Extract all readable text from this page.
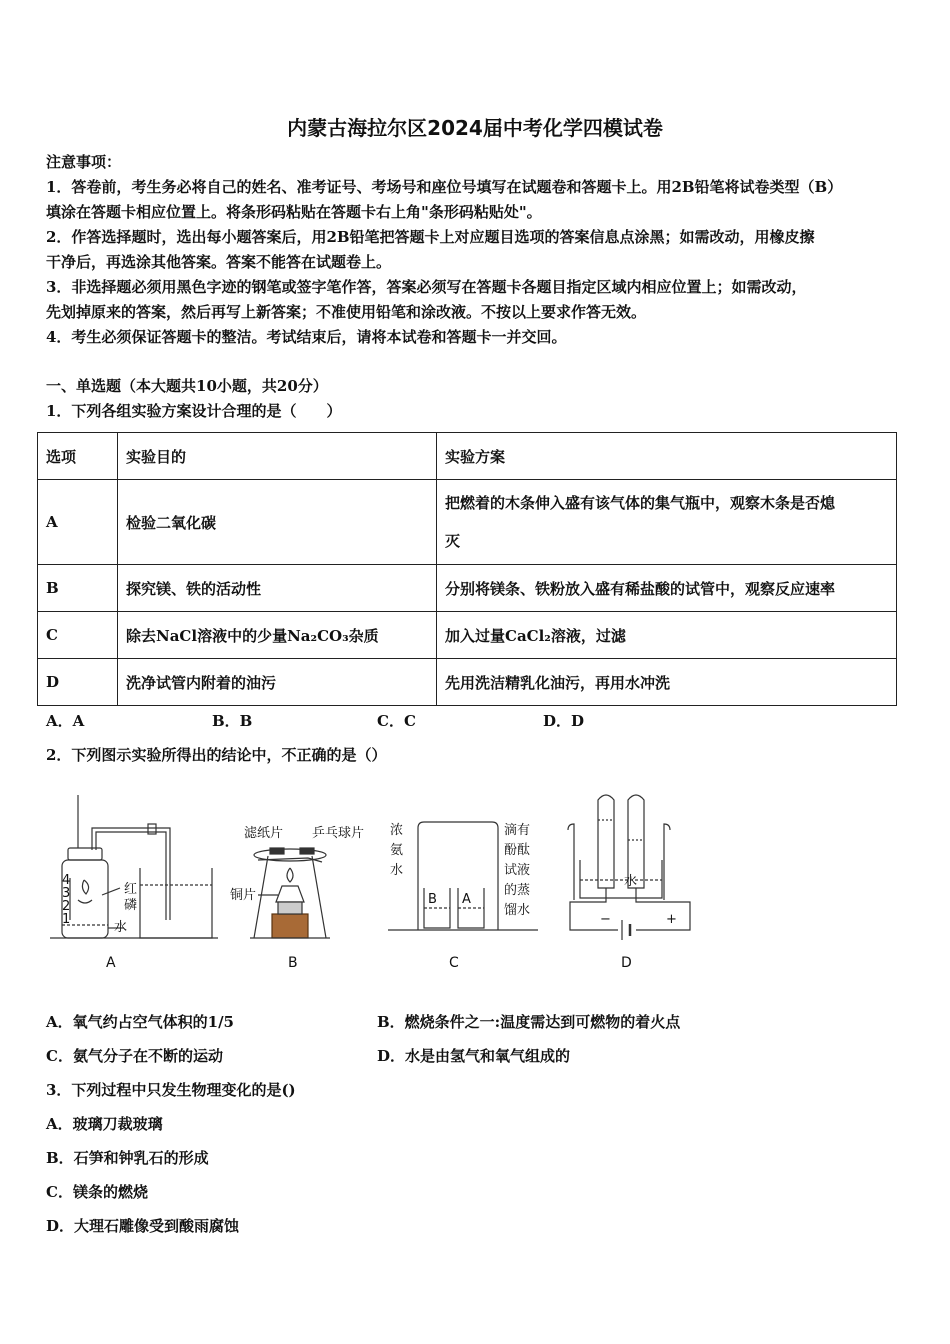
内蒙古海拉尔区2024届中考化学四模试卷
注意事项：
1．答卷前，考生务必将自己的姓名、准考证号、考场号和座位号填写在试题卷和答题卡上。用2B铅笔将试卷类型（B）
填涂在答题卡相应位置上。将条形码粘贴在答题卡右上角"条形码粘贴处"。
2．作答选择题时，选出每小题答案后，用2B铅笔把答题卡上对应题目选项的答案信息点涂黑；如需改动，用橡皮擦
干净后，再选涂其他答案。答案不能答在试题卷上。
3．非选择题必须用黑色字迹的钢笔或签字笔作答，答案必须写在答题卡各题目指定区域内相应位置上；如需改动，
先划掉原来的答案，然后再写上新答案；不准使用铅笔和涂改液。不按以上要求作答无效。
4．考生必须保证答题卡的整洁。考试结束后，请将本试卷和答题卡一并交回。
一、单选题（本大题共10小题，共20分）
1．下列各组实验方案设计合理的是（　　）
选项	实验目的	实验方案
A	检验二氧化碳	把燃着的木条伸入盛有该气体的集气瓶中，观察木条是否熄
灭

B	探究镁、铁的活动性	分别将镁条、铁粉放入盛有稀盐酸的试管中，观察反应速率
C	除去NaCl溶液中的少量Na₂CO₃杂质	加入过量CaCl₂溶液，过滤
D	洗净试管内附着的油污	先用洗洁精乳化油污，再用水冲洗
A．A	B．B	C．C	D．D
2．下列图示实验所得出的结论中，不正确的是（）
4
3
2
1
红
磷
水
滤纸片 乒乓球片
铜片
浓
氨
水
滴有
酚酞
试液
的蒸
馏水
B A
水
−	+
A	B	C	D
A．氧气约占空气体积的1/5	B．燃烧条件之一:温度需达到可燃物的着火点
C．氨气分子在不断的运动	D．水是由氢气和氧气组成的
3．下列过程中只发生物理变化的是()
A．玻璃刀裁玻璃
B．石笋和钟乳石的形成
C．镁条的燃烧
D．大理石雕像受到酸雨腐蚀
